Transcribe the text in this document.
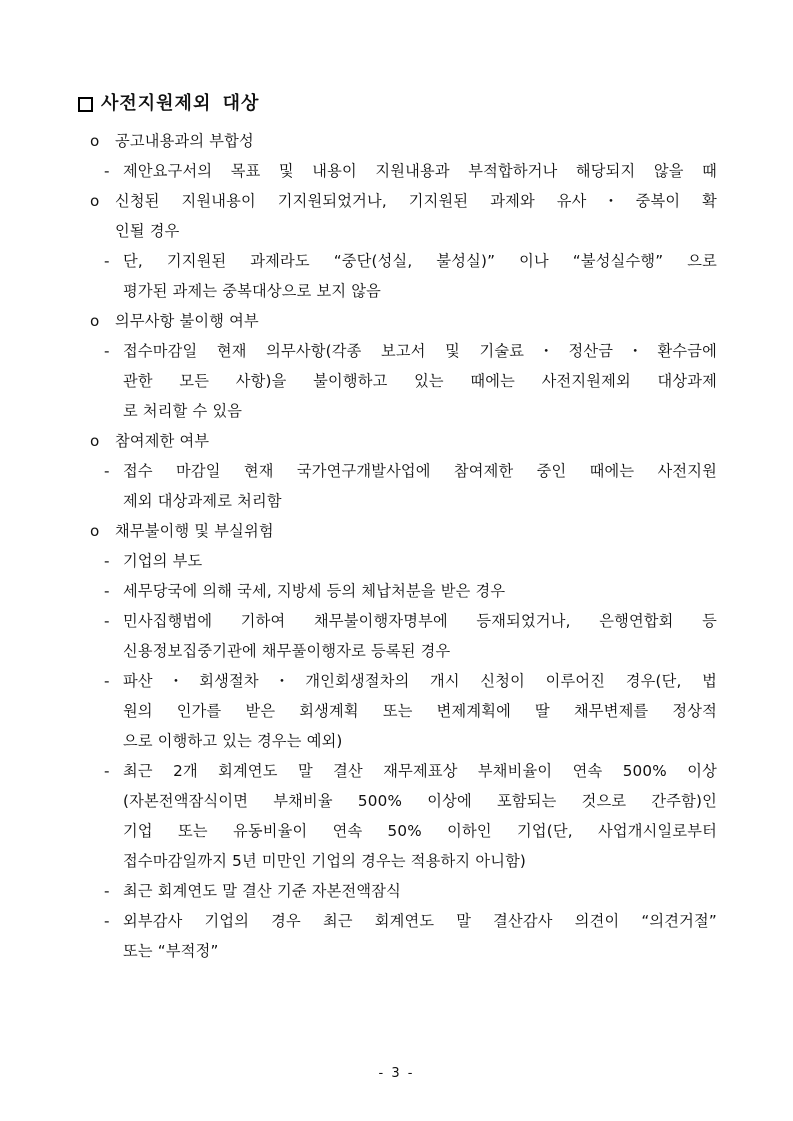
사전지원제외 대상
o 공고내용과의 부합성
- 제안요구서의 목표 및 내용이 지원내용과 부적합하거나 해당되지 않을 때
o 신청된 지원내용이 기지원되었거나, 기지원된 과제와 유사・중복이 확
인될 경우
- 단, 기지원된 과제라도 “중단(성실, 불성실)” 이나 “불성실수행” 으로
평가된 과제는 중복대상으로 보지 않음
o 의무사항 불이행 여부
- 접수마감일 현재 의무사항(각종 보고서 및 기술료・정산금・환수금에
관한 모든 사항)을 불이행하고 있는 때에는 사전지원제외 대상과제
로 처리할 수 있음
o 참여제한 여부
- 접수 마감일 현재 국가연구개발사업에 참여제한 중인 때에는 사전지원
제외 대상과제로 처리함
o 채무불이행 및 부실위험
- 기업의 부도
- 세무당국에 의해 국세, 지방세 등의 체납처분을 받은 경우
- 민사집행법에 기하여 채무불이행자명부에 등재되었거나, 은행연합회 등
신용정보집중기관에 채무풀이행자로 등록된 경우
- 파산・회생절차・개인회생절차의 개시 신청이 이루어진 경우(단, 법
원의 인가를 받은 회생계획 또는 변제계획에 딸 채무변제를 정상적
으로 이행하고 있는 경우는 예외)
- 최근 2개 회계연도 말 결산 재무제표상 부채비율이 연속 500% 이상
(자본전액잠식이면 부채비율 500% 이상에 포함되는 것으로 간주함)인
기업 또는 유동비율이 연속 50% 이하인 기업(단, 사업개시일로부터
접수마감일까지 5년 미만인 기업의 경우는 적용하지 아니함)
- 최근 회계연도 말 결산 기준 자본전액잠식
- 외부감사 기업의 경우 최근 회계연도 말 결산감사 의견이 “의견거절”
또는 “부적정”
- 3 -
